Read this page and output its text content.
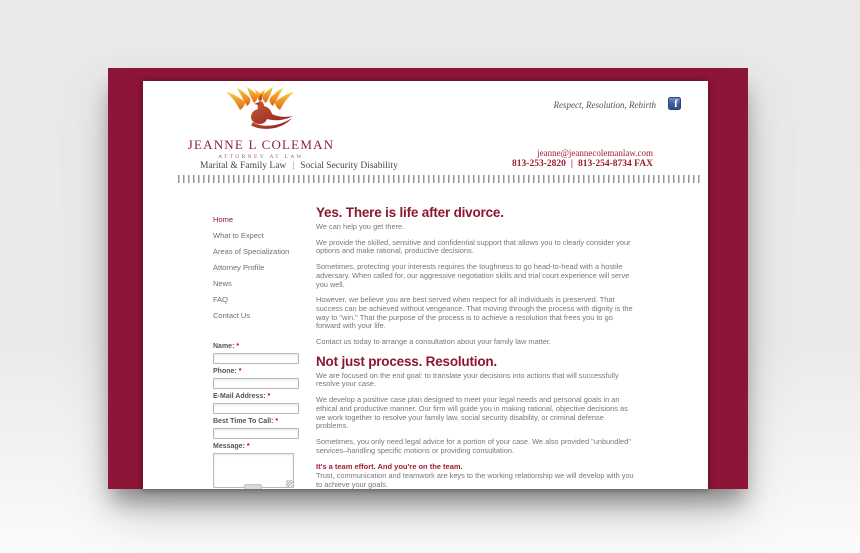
JEANNE L COLEMAN
ATTORNEY AT LAW
Marital & Family Law | Social Security Disability
Respect, Resolution, Rebirth	f
jeanne@jeannecolemanlaw.com
813-253-2820 | 813-254-8734 FAX
Home
What to Expect
Areas of Specialization
Attorney Profile
News
FAQ
Contact Us
Name: *
Phone: *
E-Mail Address: *
Best Time To Call: *
Message: *
Yes. There is life after divorce.

We can help you get there.

We provide the skilled, sensitive and confidential support that allows you to clearly consider your options and make rational, productive decisions.

Sometimes, protecting your interests requires the toughness to go head-to-head with a hostile adversary. When called for, our aggressive negotiation skills and trial court experience will serve you well.

However, we believe you are best served when respect for all individuals is preserved. That success can be achieved without vengeance. That moving through the process with dignity is the way to "win." That the purpose of the process is to achieve a resolution that frees you to go forward with your life.

Contact us today to arrange a consultation about your family law matter.

Not just process. Resolution.

We are focused on the end goal: to translate your decisions into actions that will successfully resolve your case.

We develop a positive case plan designed to meet your legal needs and personal goals in an ethical and productive manner. Our firm will guide you in making rational, objective decisions as we work together to resolve your family law, social security disability, or criminal defense problems.

Sometimes, you only need legal advice for a portion of your case. We also provided "unbundled" services–handling specific motions or providing consultation.

It's a team effort. And you're on the team.

Trust, communication and teamwork are keys to the working relationship we will develop with you to achieve your goals.
